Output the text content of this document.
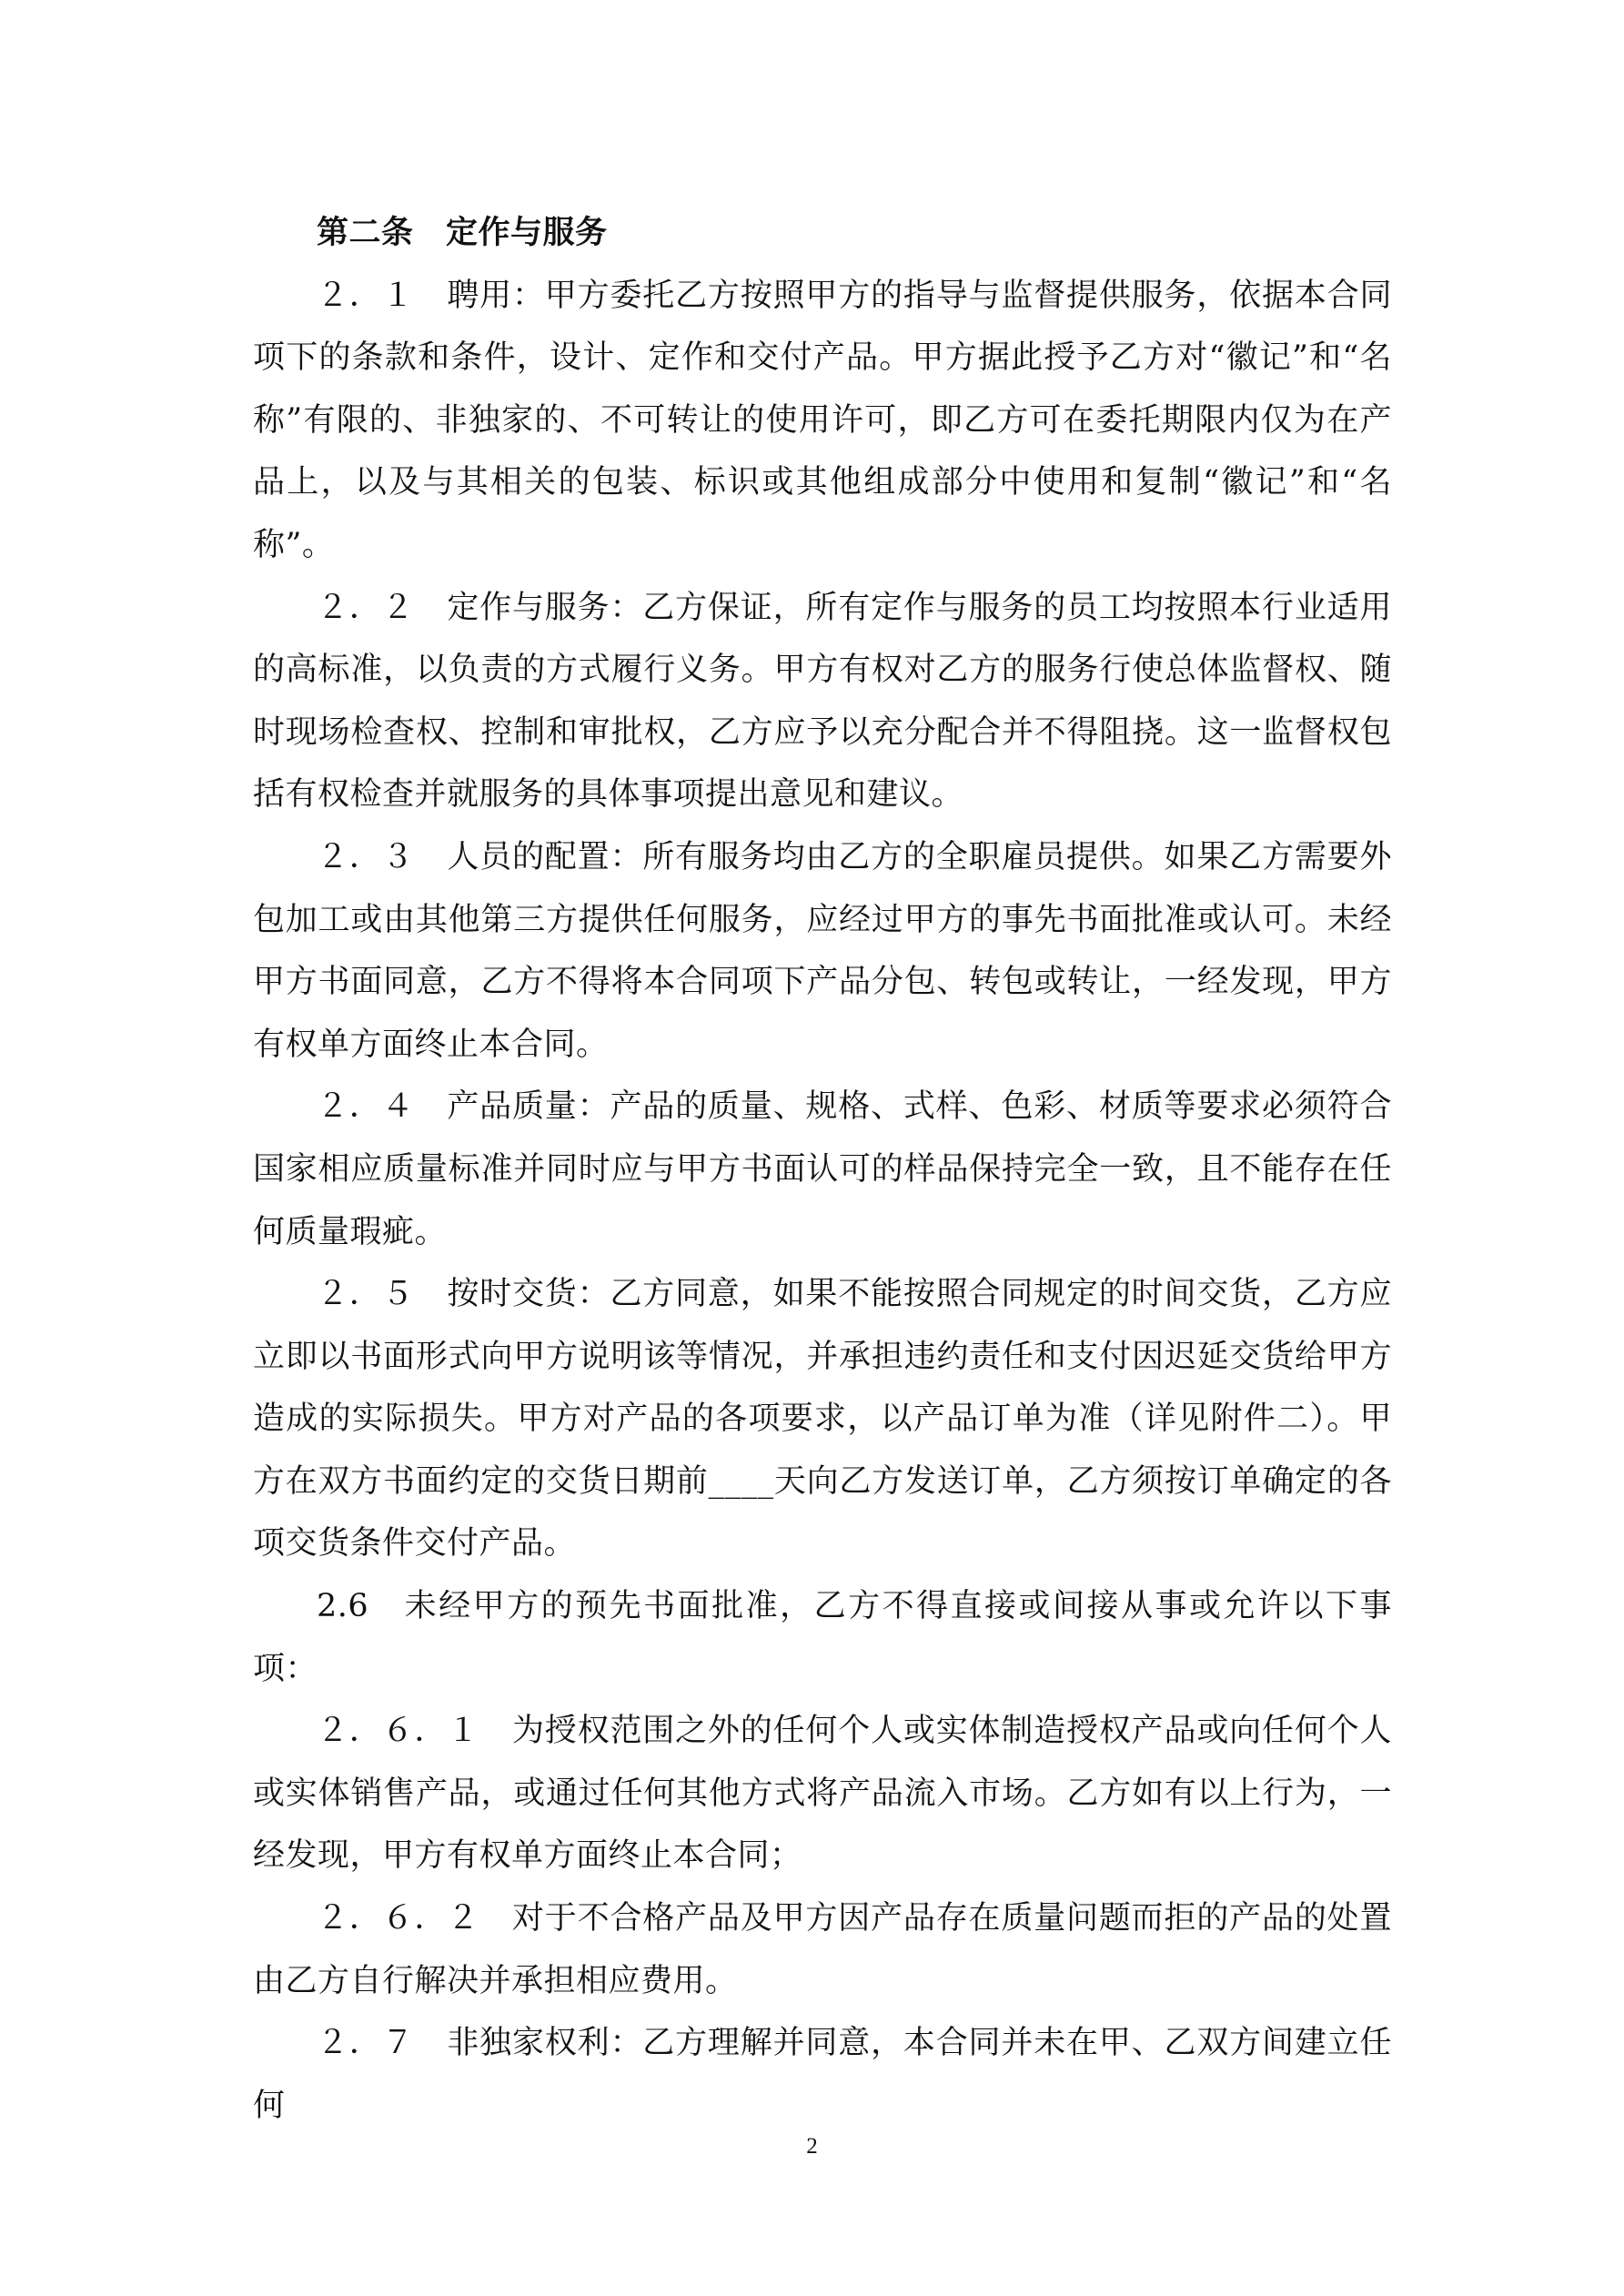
第二条　定作与服务

２．１　聘用：甲方委托乙方按照甲方的指导与监督提供服务，依据本合同项下的条款和条件，设计、定作和交付产品。甲方据此授予乙方对“徽记”和“名称”有限的、非独家的、不可转让的使用许可，即乙方可在委托期限内仅为在产品上，以及与其相关的包装、标识或其他组成部分中使用和复制“徽记”和“名称”。

２．２　定作与服务：乙方保证，所有定作与服务的员工均按照本行业适用的高标准，以负责的方式履行义务。甲方有权对乙方的服务行使总体监督权、随时现场检查权、控制和审批权，乙方应予以充分配合并不得阻挠。这一监督权包括有权检查并就服务的具体事项提出意见和建议。

２．３　人员的配置：所有服务均由乙方的全职雇员提供。如果乙方需要外包加工或由其他第三方提供任何服务，应经过甲方的事先书面批准或认可。未经甲方书面同意，乙方不得将本合同项下产品分包、转包或转让，一经发现，甲方有权单方面终止本合同。

２．４　产品质量：产品的质量、规格、式样、色彩、材质等要求必须符合国家相应质量标准并同时应与甲方书面认可的样品保持完全一致，且不能存在任何质量瑕疵。

２．５　按时交货：乙方同意，如果不能按照合同规定的时间交货，乙方应立即以书面形式向甲方说明该等情况，并承担违约责任和支付因迟延交货给甲方造成的实际损失。甲方对产品的各项要求，以产品订单为准（详见附件二）。甲方在双方书面约定的交货日期前____天向乙方发送订单，乙方须按订单确定的各项交货条件交付产品。

2.6　未经甲方的预先书面批准，乙方不得直接或间接从事或允许以下事项：

２．６．１　为授权范围之外的任何个人或实体制造授权产品或向任何个人或实体销售产品，或通过任何其他方式将产品流入市场。乙方如有以上行为，一经发现，甲方有权单方面终止本合同；

２．６．２　对于不合格产品及甲方因产品存在质量问题而拒的产品的处置由乙方自行解决并承担相应费用。

２．７　非独家权利：乙方理解并同意，本合同并未在甲、乙双方间建立任何

2
